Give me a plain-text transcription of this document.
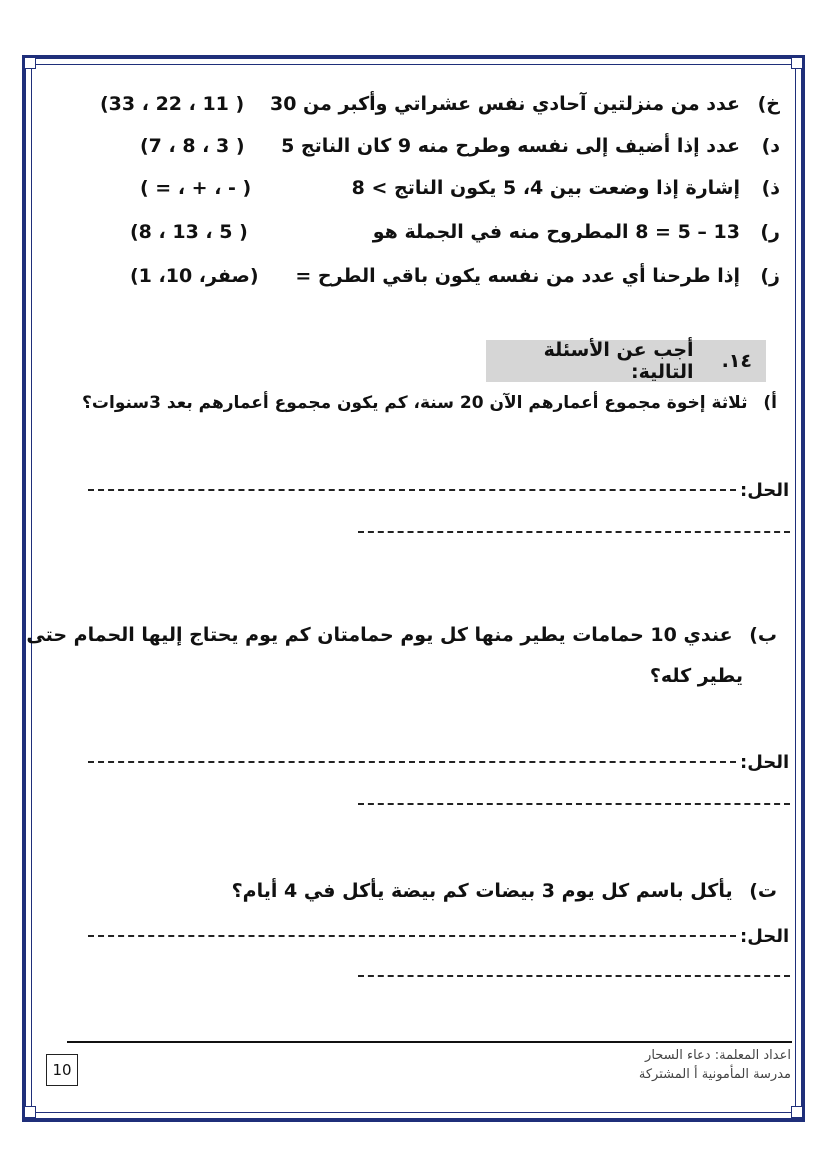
خ)
عدد من منزلتين آحادي نفس عشراتي وأكبر من 30
(33 ، 22 ، 11 )
د)
عدد إذا أضيف إلى نفسه وطرح منه 9 كان الناتج 5
(7 ، 8 ، 3 )
ذ)
إشارة إذا وضعت بين 4، 5 يكون الناتج > 8
( = ، + ، - )
ر)
13 – 5 = 8 المطروح منه في الجملة هو
(8 ، 13 ، 5 )
ز)
إذا طرحنا أي عدد من نفسه يكون باقي الطرح =
(1 ،10 ،صفر)
١٤.
أجب عن الأسئلة التالية:
أ) ثلاثة إخوة مجموع أعمارهم الآن 20 سنة، كم يكون مجموع أعمارهم بعد 3سنوات؟
الحل:
ب) عندي 10 حمامات يطير منها كل يوم حمامتان كم يوم يحتاج إليها الحمام حتى
يطير كله؟
الحل:
ت) يأكل باسم كل يوم 3 بيضات كم بيضة يأكل في 4 أيام؟
الحل:
اعداد المعلمة: دعاء السحار
مدرسة المأمونية أ المشتركة
10
